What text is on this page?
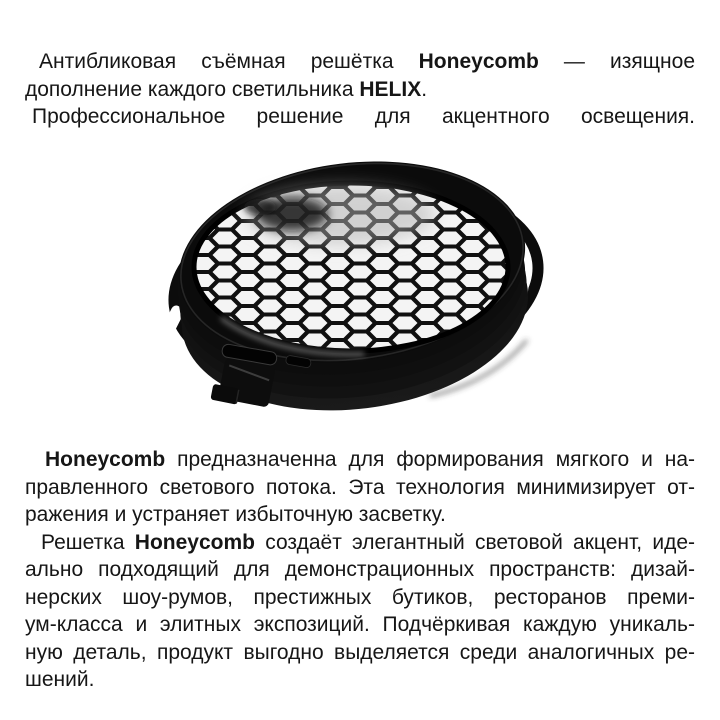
Антибликовая съёмная решётка Honeycomb — изящное
дополнение каждого светильника HELIX.
Профессиональное решение для акцентного освещения.
Honeycomb предназначенна для формирования мягкого и на-
правленного светового потока. Эта технология минимизирует от-
ражения и устраняет избыточную засветку.
Решетка Honeycomb создаёт элегантный световой акцент, иде-
ально подходящий для демонстрационных пространств: дизай-
нерских шоу-румов, престижных бутиков, ресторанов преми-
ум-класса и элитных экспозиций. Подчёркивая каждую уникаль-
ную деталь, продукт выгодно выделяется среди аналогичных ре-
шений.
